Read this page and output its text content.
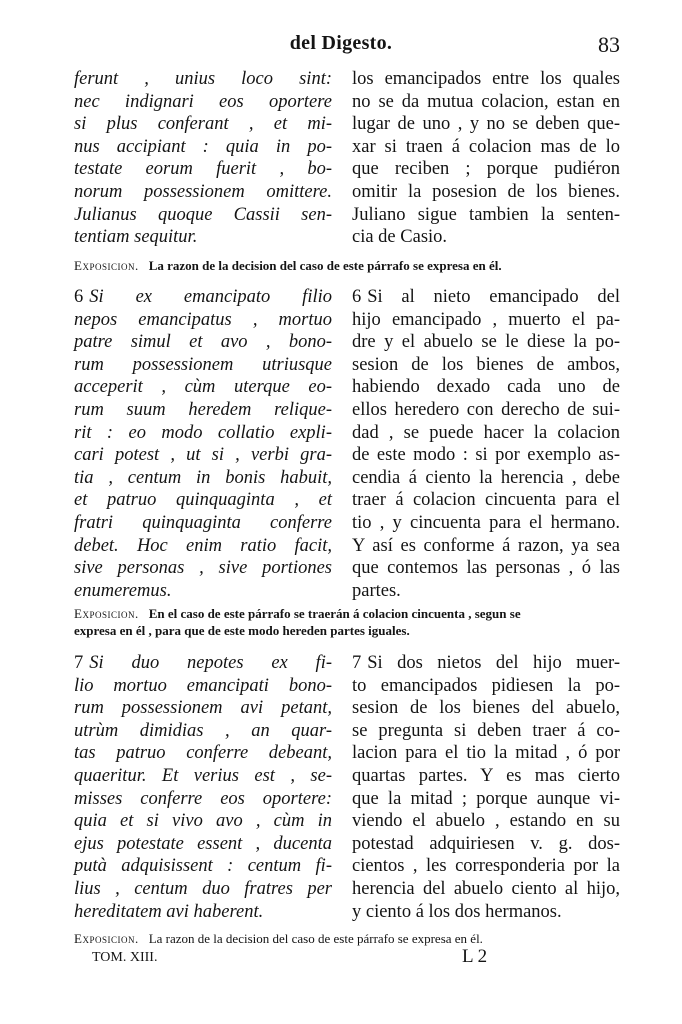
del Digesto.	83
ferunt , unius loco sint:
nec indignari eos oportere
si plus conferant , et mi-
nus accipiant : quia in po-
testate eorum fuerit , bo-
norum possessionem omittere.
Julianus quoque Cassii sen-
tentiam sequitur.
los emancipados entre los quales
no se da mutua colacion, estan en
lugar de uno , y no se deben que-
xar si traen á colacion mas de lo
que reciben ; porque pudiéron
omitir la posesion de los bienes.
Juliano sigue tambien la senten-
cia de Casio.
Exposicion. La razon de la decision del caso de este párrafo se expresa en él.
6 Si ex emancipato filio
nepos emancipatus , mortuo
patre simul et avo , bono-
rum possessionem utriusque
acceperit , cùm uterque eo-
rum suum heredem relique-
rit : eo modo collatio expli-
cari potest , ut si , verbi gra-
tia , centum in bonis habuit,
et patruo quinquaginta , et
fratri quinquaginta conferre
debet. Hoc enim ratio facit,
sive personas , sive portiones
enumeremus.
6 Si al nieto emancipado del
hijo emancipado , muerto el pa-
dre y el abuelo se le diese la po-
sesion de los bienes de ambos,
habiendo dexado cada uno de
ellos heredero con derecho de sui-
dad , se puede hacer la colacion
de este modo : si por exemplo as-
cendia á ciento la herencia , debe
traer á colacion cincuenta para el
tio , y cincuenta para el hermano.
Y así es conforme á razon, ya sea
que contemos las personas , ó las
partes.
Exposicion. En el caso de este párrafo se traerán á colacion cincuenta , segun se
expresa en él , para que de este modo hereden partes iguales.
7 Si duo nepotes ex fi-
lio mortuo emancipati bono-
rum possessionem avi petant,
utrùm dimidias , an quar-
tas patruo conferre debeant,
quaeritur. Et verius est , se-
misses conferre eos oportere:
quia et si vivo avo , cùm in
ejus potestate essent , ducenta
putà adquisissent : centum fi-
lius , centum duo fratres per
hereditatem avi haberent.
7 Si dos nietos del hijo muer-
to emancipados pidiesen la po-
sesion de los bienes del abuelo,
se pregunta si deben traer á co-
lacion para el tio la mitad , ó por
quartas partes. Y es mas cierto
que la mitad ; porque aunque vi-
viendo el abuelo , estando en su
potestad adquiriesen v. g. dos-
cientos , les corresponderia por la
herencia del abuelo ciento al hijo,
y ciento á los dos hermanos.
Exposicion. La razon de la decision del caso de este párrafo se expresa en él.
TOM. XIII.	L 2
